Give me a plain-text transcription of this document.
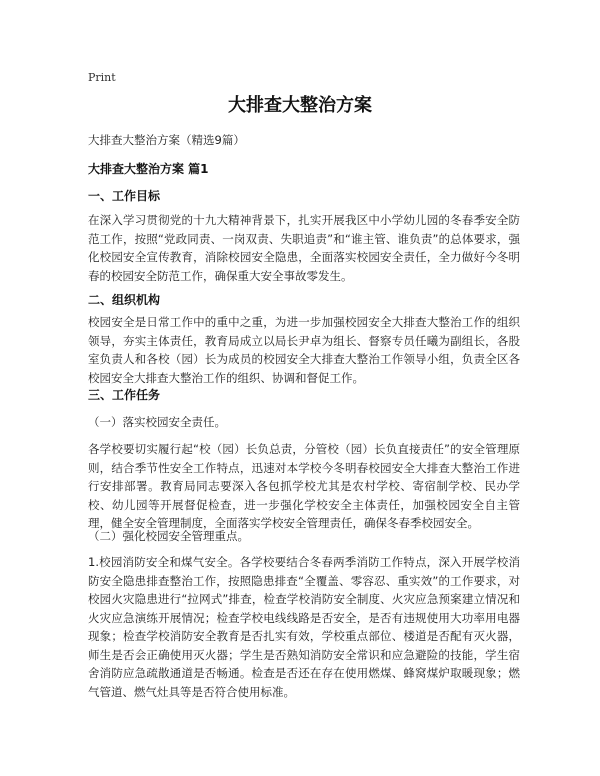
Print
大排查大整治方案
大排查大整治方案（精选9篇）
大排查大整治方案 篇1
一、工作目标

在深入学习贯彻党的十九大精神背景下，扎实开展我区中小学幼儿园的冬春季安全防范工作，按照“党政同责、一岗双责、失职追责”和“谁主管、谁负责”的总体要求，强化校园安全宣传教育，消除校园安全隐患，全面落实校园安全责任，全力做好今冬明春的校园安全防范工作，确保重大安全事故零发生。

二、组织机构

校园安全是日常工作中的重中之重，为进一步加强校园安全大排查大整治工作的组织领导，夯实主体责任，教育局成立以局长尹卓为组长、督察专员任曦为副组长，各股室负责人和各校（园）长为成员的校园安全大排查大整治工作领导小组，负责全区各校园安全大排查大整治工作的组织、协调和督促工作。

三、工作任务
（一）落实校园安全责任。

各学校要切实履行起“校（园）长负总责，分管校（园）长负直接责任”的安全管理原则，结合季节性安全工作特点，迅速对本学校今冬明春校园安全大排查大整治工作进行安排部署。教育局同志要深入各包抓学校尤其是农村学校、寄宿制学校、民办学校、幼儿园等开展督促检查，进一步强化学校安全主体责任，加强校园安全自主管理，健全安全管理制度，全面落实学校安全管理责任，确保冬春季校园安全。

（二）强化校园安全管理重点。

1.校园消防安全和煤气安全。各学校要结合冬春两季消防工作特点，深入开展学校消防安全隐患排查整治工作，按照隐患排查“全覆盖、零容忍、重实效”的工作要求，对校园火灾隐患进行“拉网式”排查，检查学校消防安全制度、火灾应急预案建立情况和火灾应急演练开展情况；检查学校电线线路是否安全，是否有违规使用大功率用电器现象；检查学校消防安全教育是否扎实有效，学校重点部位、楼道是否配有灭火器，师生是否会正确使用灭火器；学生是否熟知消防安全常识和应急避险的技能，学生宿舍消防应急疏散通道是否畅通。检查是否还在存在使用燃煤、蜂窝煤炉取暖现象；燃气管道、燃气灶具等是否符合使用标准。
